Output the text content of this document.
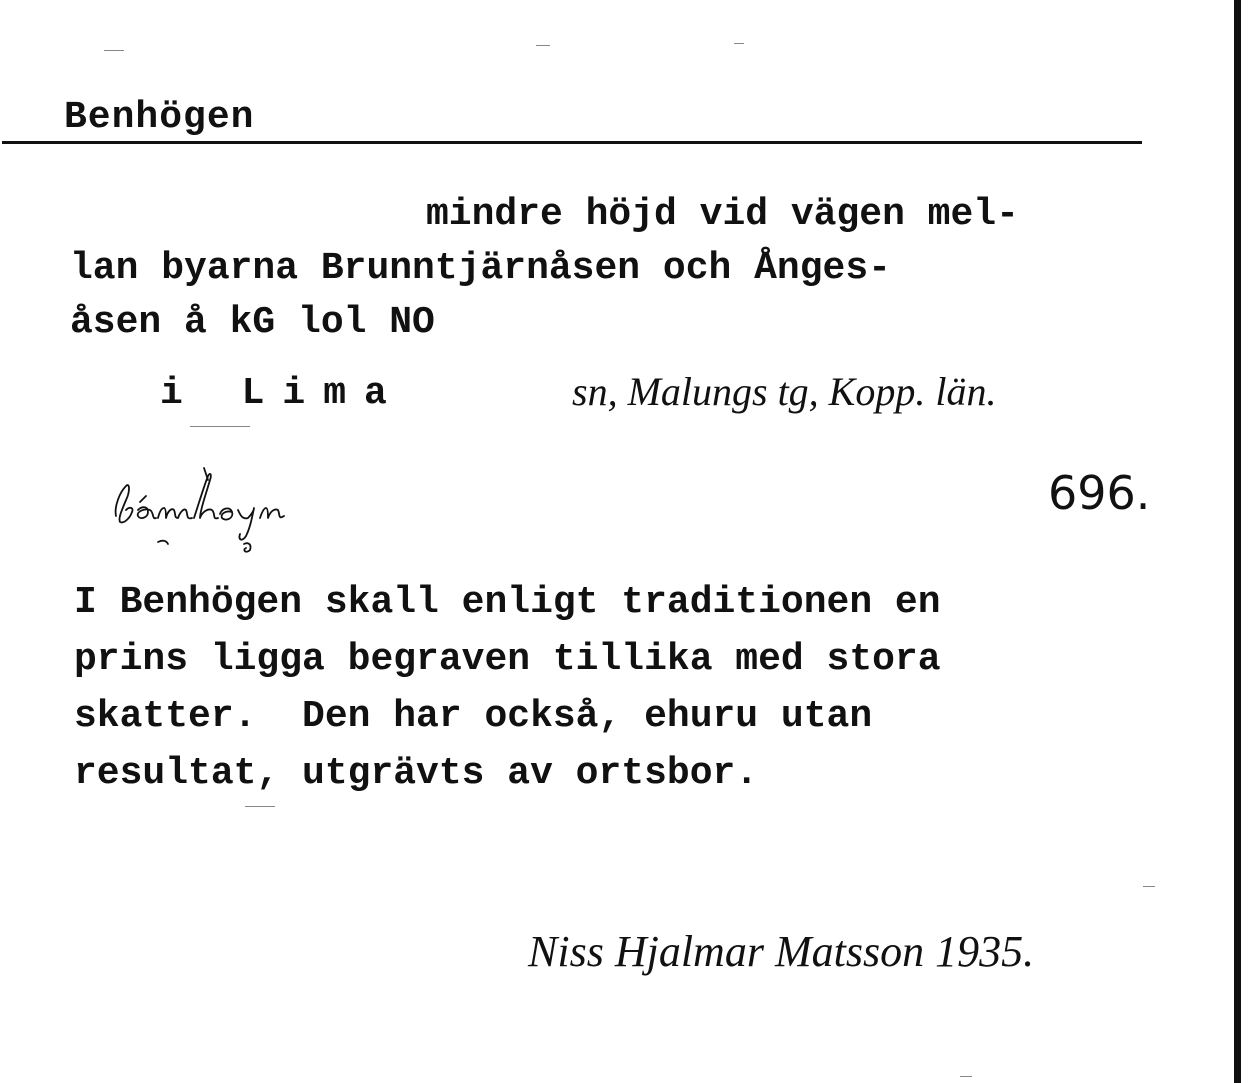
Benhögen
mindre höjd vid vägen mel-
lan byarna Brunntjärnåsen och Ånges-
åsen å kG lol NO
i Lima	sn, Malungs tg, Kopp. län.
696.
I Benhögen skall enligt traditionen en
prins ligga begraven tillika med stora
skatter.  Den har också, ehuru utan
resultat, utgrävts av ortsbor.
Niss Hjalmar Matsson 1935.
